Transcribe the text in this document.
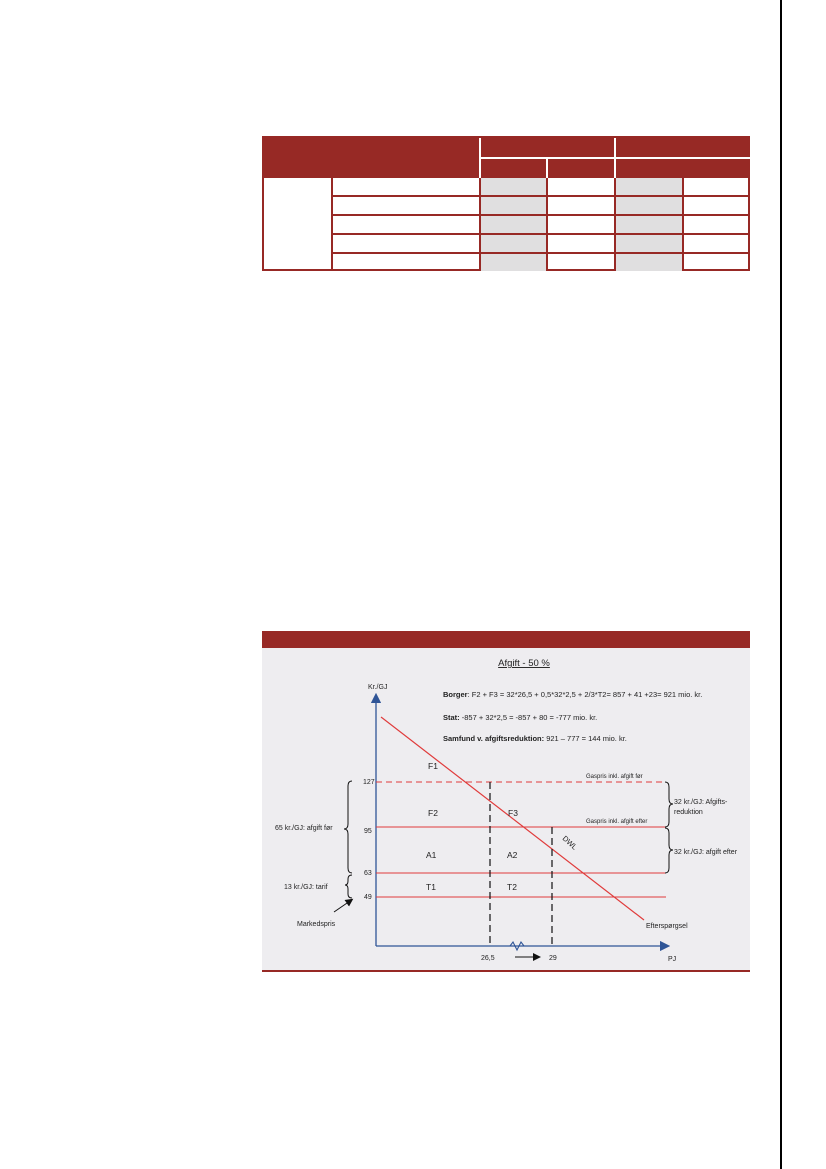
Afgift - 50 %
Borger: F2 + F3 = 32*26,5 + 0,5*32*2,5 + 2/3*T2= 857 + 41 +23= 921 mio. kr.
Stat: -857 + 32*2,5 = -857 + 80 = -777 mio. kr.
Samfund v. afgiftsreduktion: 921 – 777 = 144 mio. kr.
Kr./GJ
PJ
127
95
63
49
26,5	29
Gaspris inkl. afgift før
Gaspris inkl. afgift efter
DWL
Efterspørgsel
F1
F2	F3
A1	A2
T1	T2
65 kr./GJ: afgift før
13 kr./GJ: tarif
Markedspris
32 kr./GJ: Afgifts-
reduktion
32 kr./GJ: afgift efter
